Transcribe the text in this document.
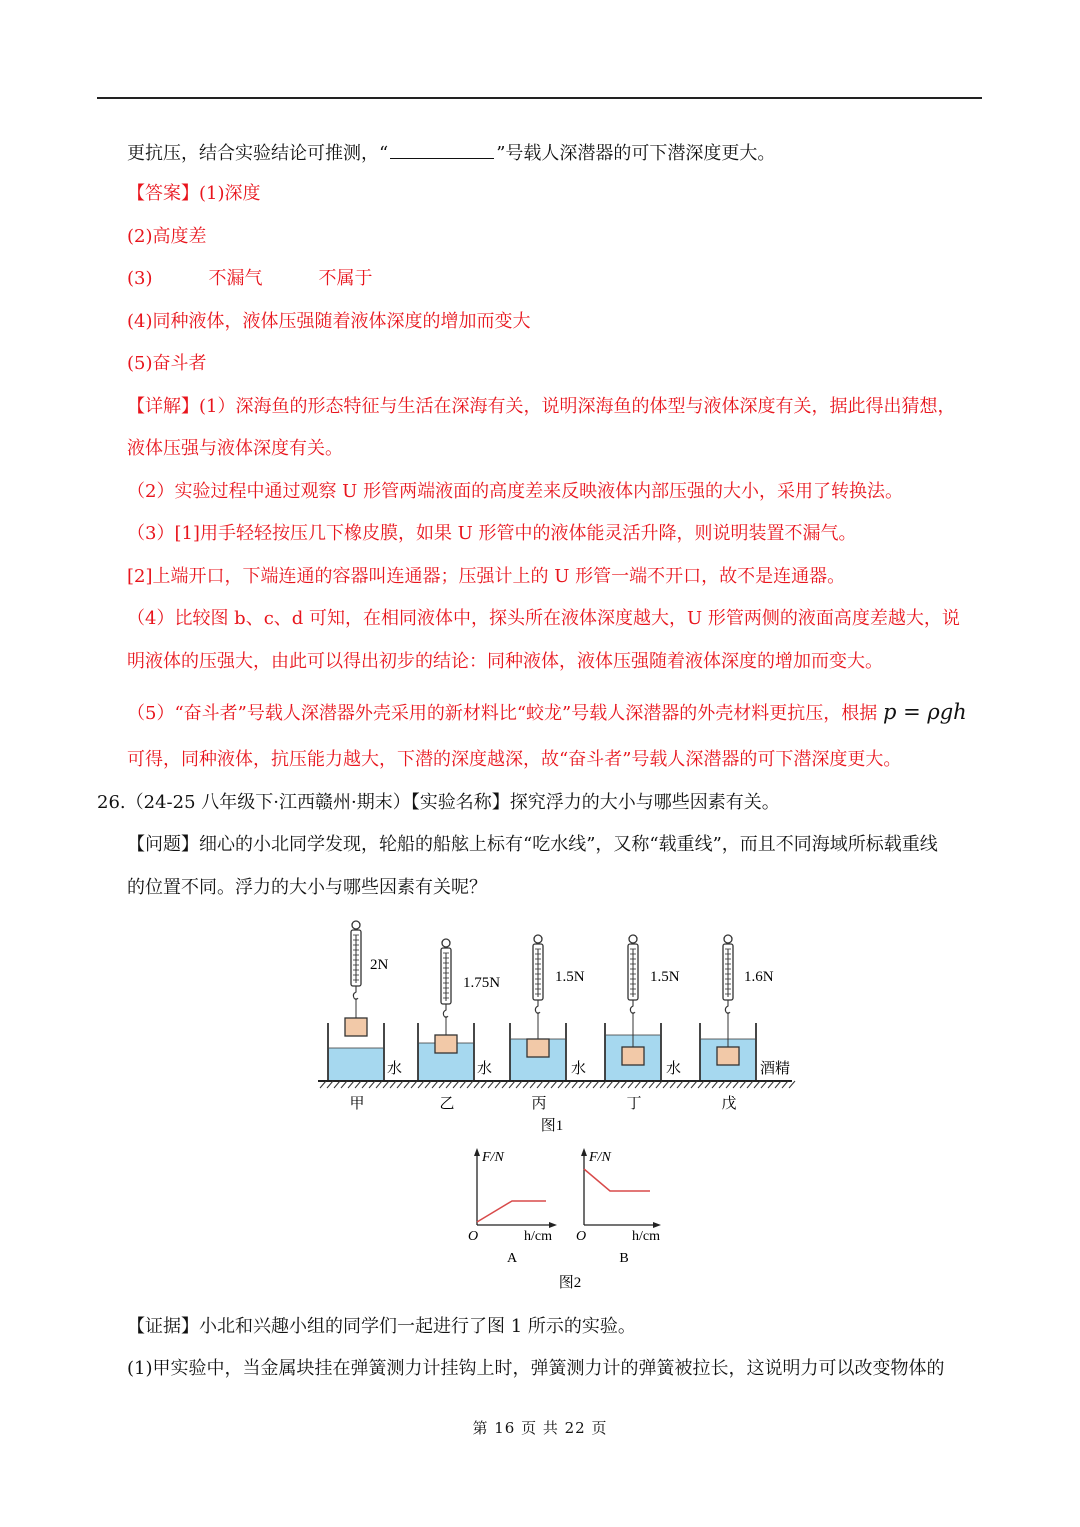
更抗压，结合实验结论可推测，“	”号载人深潜器的可下潜深度更大。
【答案】(1)深度
(2)高度差
(3)	不漏气	不属于
(4)同种液体，液体压强随着液体深度的增加而变大
(5)奋斗者
【详解】(1）深海鱼的形态特征与生活在深海有关，说明深海鱼的体型与液体深度有关，据此得出猜想，
液体压强与液体深度有关。
（2）实验过程中通过观察 U 形管两端液面的高度差来反映液体内部压强的大小，采用了转换法。
（3）[1]用手轻轻按压几下橡皮膜，如果 U 形管中的液体能灵活升降，则说明装置不漏气。
[2]上端开口，下端连通的容器叫连通器；压强计上的 U 形管一端不开口，故不是连通器。
（4）比较图 b、c、d 可知，在相同液体中，探头所在液体深度越大，U 形管两侧的液面高度差越大，说
明液体的压强大，由此可以得出初步的结论：同种液体，液体压强随着液体深度的增加而变大。
（5）“奋斗者”号载人深潜器外壳采用的新材料比“蛟龙”号载人深潜器的外壳材料更抗压，根据 p = ρgh
可得，同种液体，抗压能力越大，下潜的深度越深，故“奋斗者”号载人深潜器的可下潜深度更大。
26.（24-25 八年级下·江西赣州·期末）【实验名称】探究浮力的大小与哪些因素有关。
【问题】细心的小北同学发现，轮船的船舷上标有“吃水线”，又称“载重线”，而且不同海域所标载重线
的位置不同。浮力的大小与哪些因素有关呢？
2N
水
甲
1.75N
水
乙
1.5N
水
丙
1.5N
水
丁
1.6N
酒精
戊
图1
F/N
O	h/cm
A
F/N
O	h/cm
B
图2
【证据】小北和兴趣小组的同学们一起进行了图 1 所示的实验。
(1)甲实验中，当金属块挂在弹簧测力计挂钩上时，弹簧测力计的弹簧被拉长，这说明力可以改变物体的
第 16 页 共 22 页
